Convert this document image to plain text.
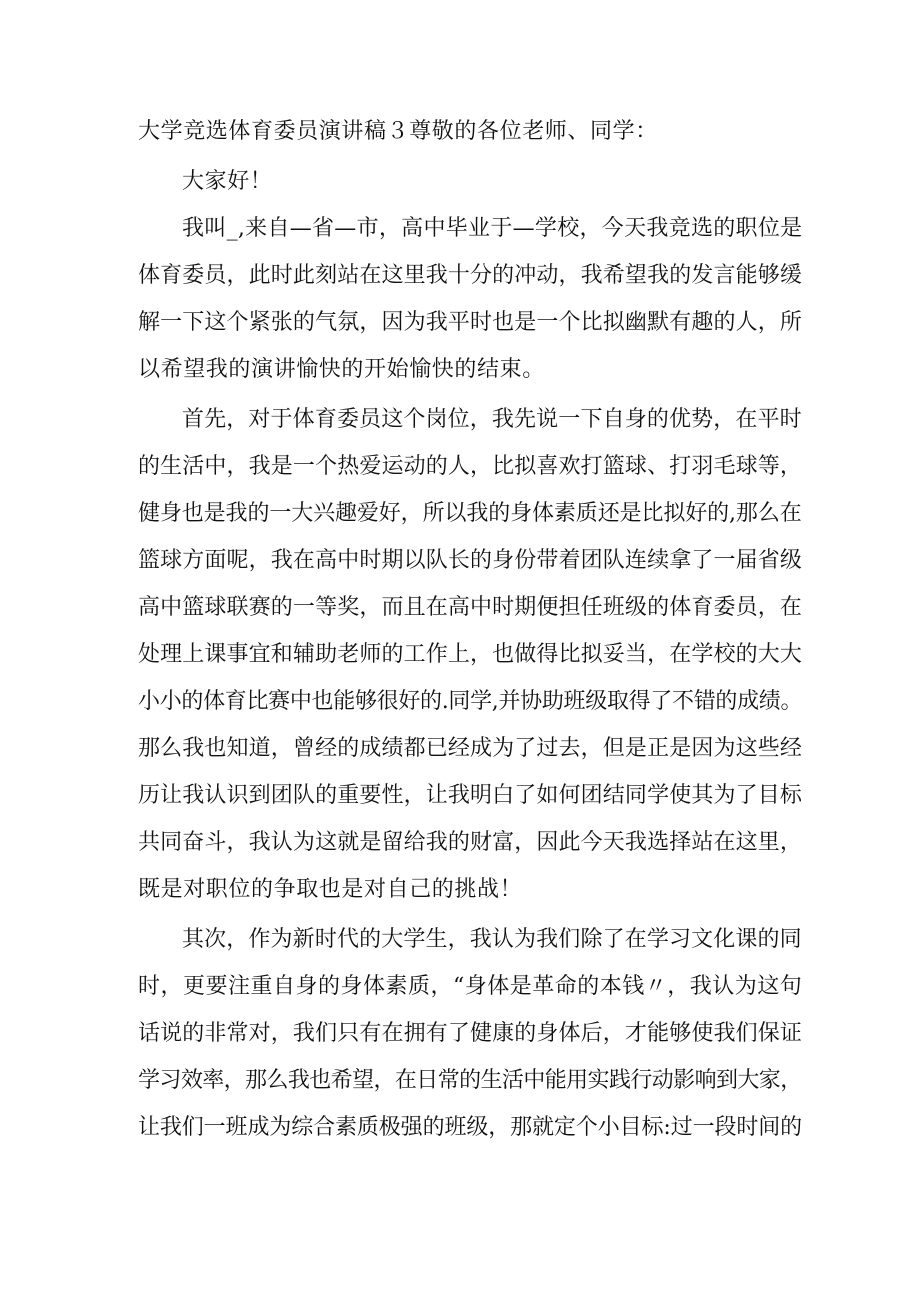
大学竞选体育委员演讲稿３尊敬的各位老师、同学：
大家好！
我叫_,来自—省—市，高中毕业于—学校，今天我竞选的职位是
体育委员，此时此刻站在这里我十分的冲动，我希望我的发言能够缓
解一下这个紧张的气氛，因为我平时也是一个比拟幽默有趣的人，所
以希望我的演讲愉快的开始愉快的结束。
首先，对于体育委员这个岗位，我先说一下自身的优势，在平时
的生活中，我是一个热爱运动的人，比拟喜欢打篮球、打羽毛球等，
健身也是我的一大兴趣爱好，所以我的身体素质还是比拟好的,那么在
篮球方面呢，我在高中时期以队长的身份带着团队连续拿了一届省级
高中篮球联赛的一等奖，而且在高中时期便担任班级的体育委员，在
处理上课事宜和辅助老师的工作上，也做得比拟妥当，在学校的大大
小小的体育比赛中也能够很好的.同学,并协助班级取得了不错的成绩。
那么我也知道，曾经的成绩都已经成为了过去，但是正是因为这些经
历让我认识到团队的重要性，让我明白了如何团结同学使其为了目标
共同奋斗，我认为这就是留给我的财富，因此今天我选择站在这里，
既是对职位的争取也是对自己的挑战！
其次，作为新时代的大学生，我认为我们除了在学习文化课的同
时，更要注重自身的身体素质，“身体是革命的本钱〃，我认为这句
话说的非常对，我们只有在拥有了健康的身体后，才能够使我们保证
学习效率，那么我也希望，在日常的生活中能用实践行动影响到大家，
让我们一班成为综合素质极强的班级，那就定个小目标:过一段时间的
